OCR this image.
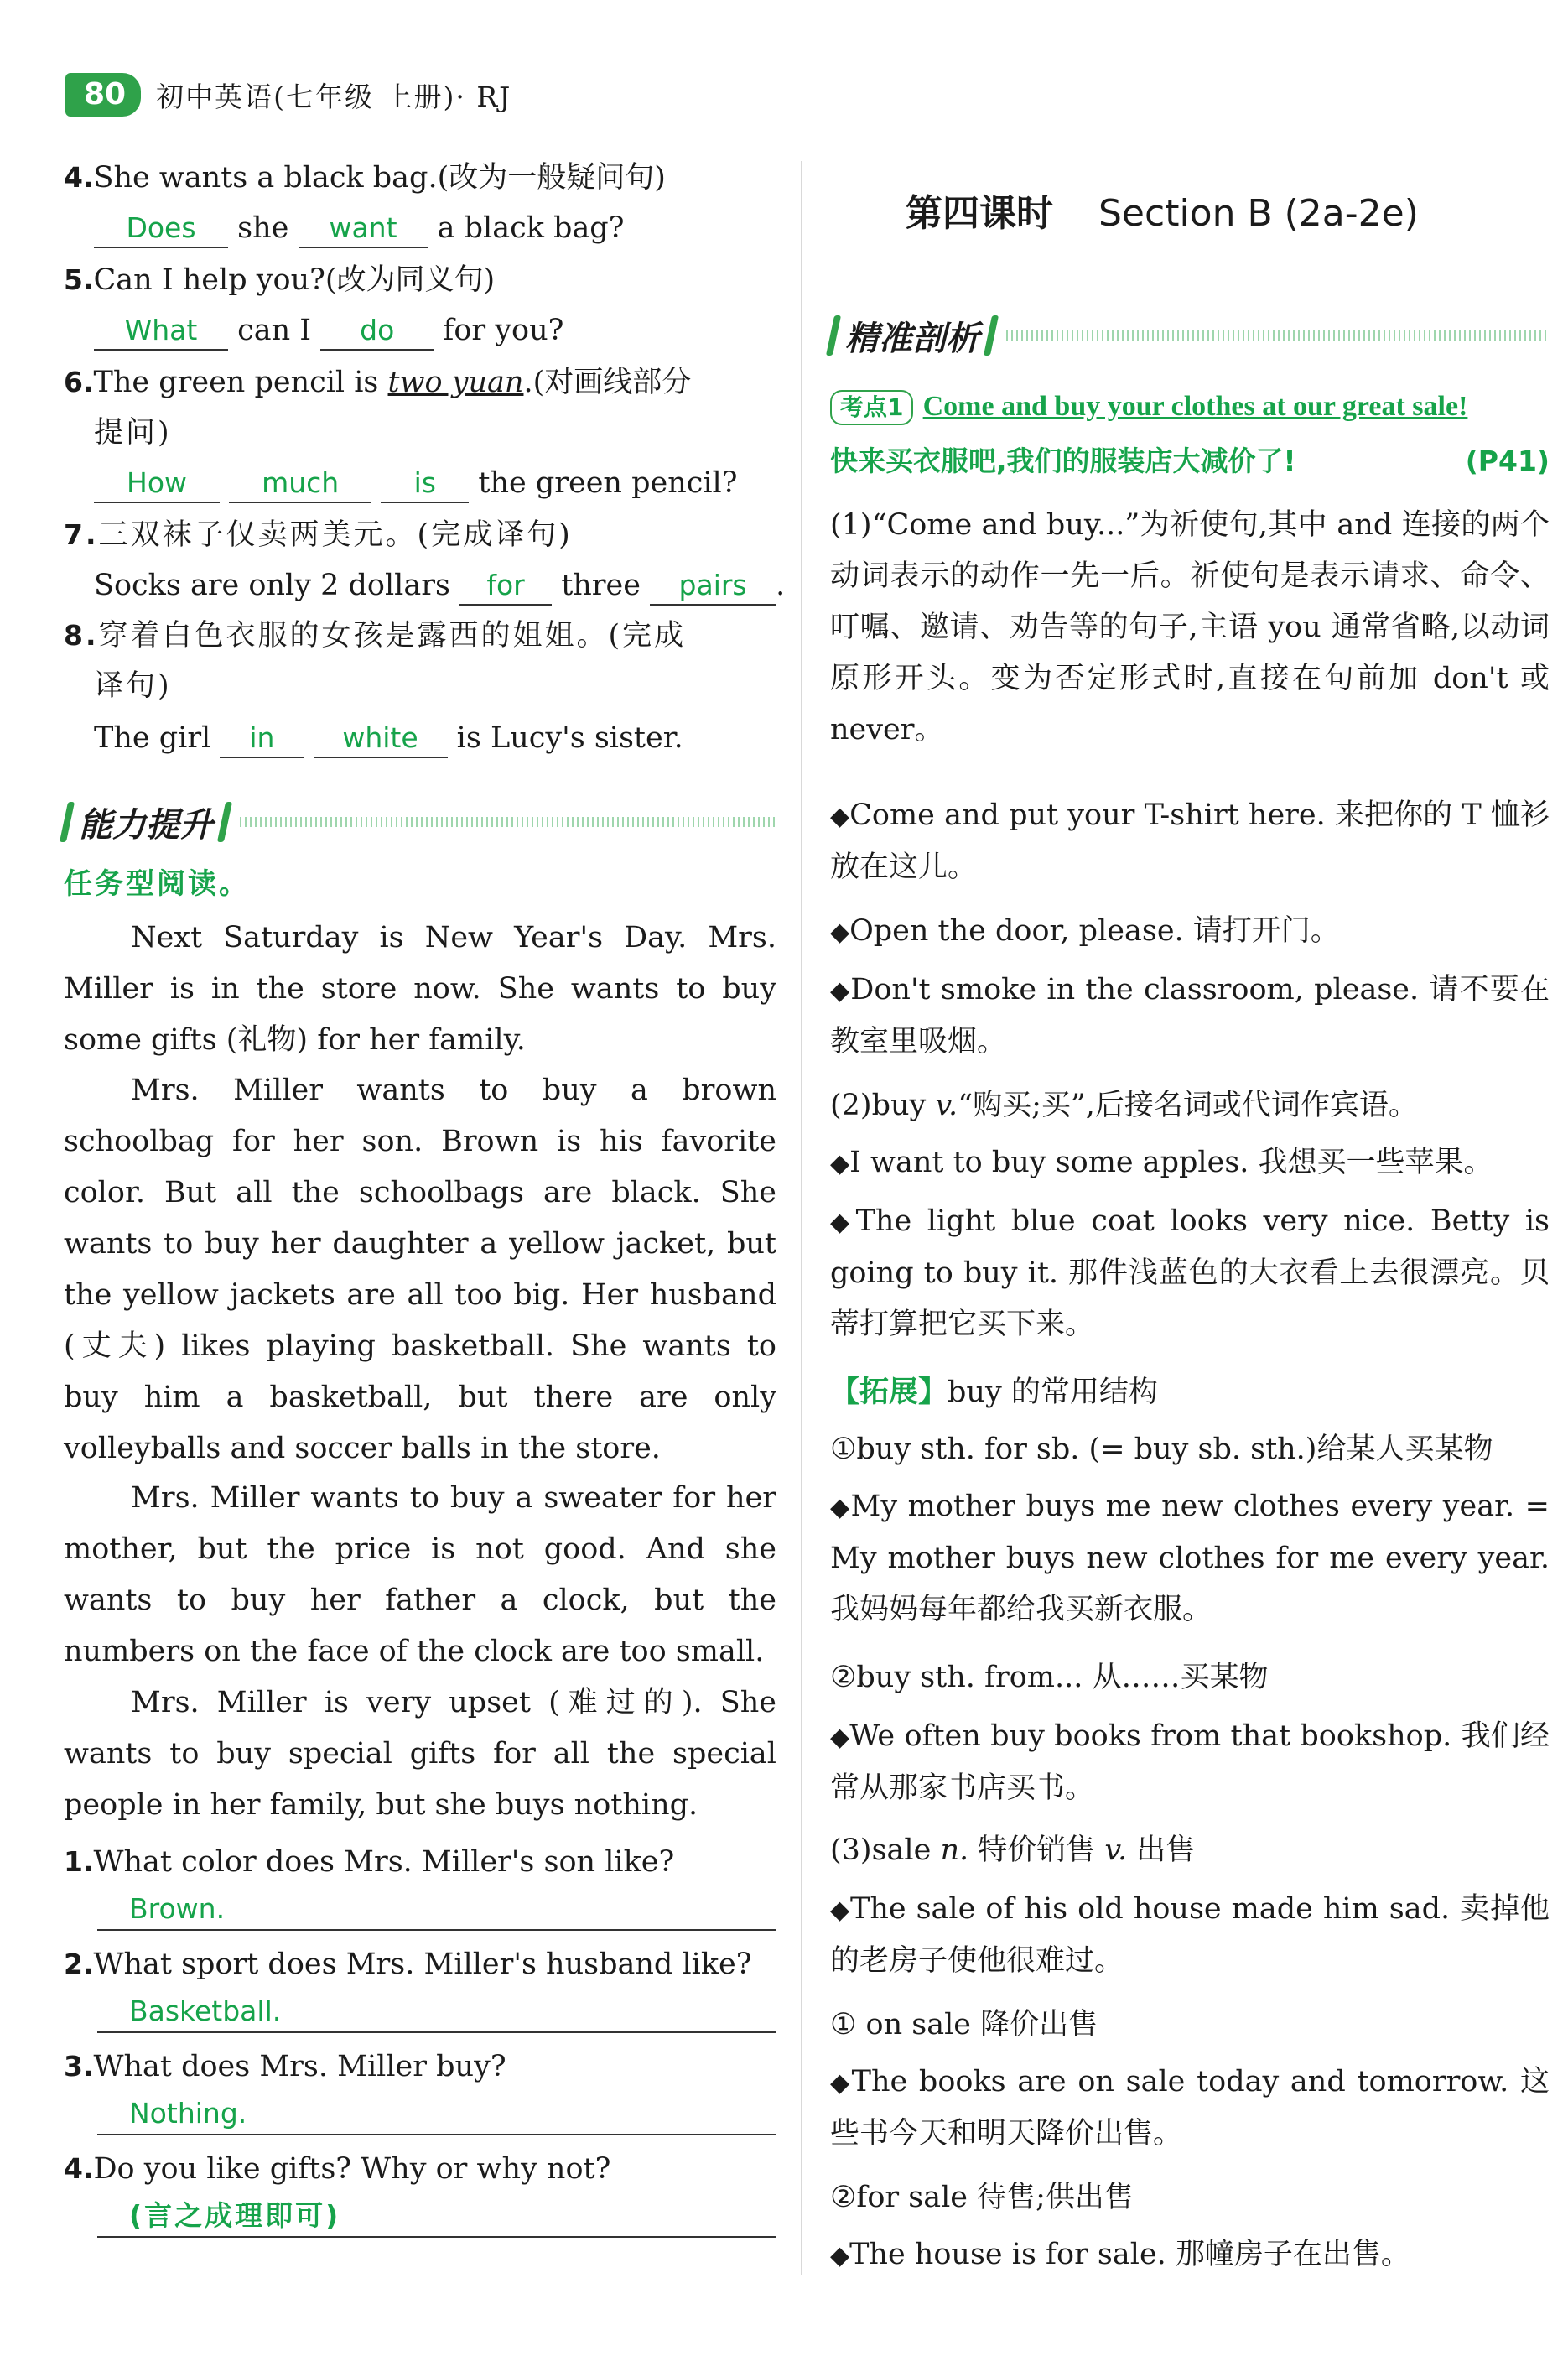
80	初中英语(七年级 上册)· RJ
4.She wants a black bag.(改为一般疑问句)
Does she want a black bag?
5.Can I help you?(改为同义句)
What can I do for you?
6.The green pencil is two yuan.(对画线部分
提问)
How	much	is the green pencil?
7.三双袜子仅卖两美元。(完成译句)
Socks are only 2 dollars for three pairs .
8.穿着白色衣服的女孩是露西的姐姐。(完成
译句)
The girl in white is Lucy's sister.
能力提升
任务型阅读。
Next Saturday is New Year's Day. Mrs. Miller is in the store now. She wants to buy some gifts (礼物) for her family.
Mrs. Miller wants to buy a brown schoolbag for her son. Brown is his favorite color. But all the schoolbags are black. She wants to buy her daughter a yellow jacket, but the yellow jackets are all too big. Her husband (丈夫) likes playing basketball. She wants to buy him a basketball, but there are only volleyballs and soccer balls in the store.
Mrs. Miller wants to buy a sweater for her mother, but the price is not good. And she wants to buy her father a clock, but the numbers on the face of the clock are too small.
Mrs. Miller is very upset (难过的). She wants to buy special gifts for all the special people in her family, but she buys nothing.
1.What color does Mrs. Miller's son like?
Brown.
2.What sport does Mrs. Miller's husband like?
Basketball.
3.What does Mrs. Miller buy?
Nothing.
4.Do you like gifts? Why or why not?
(言之成理即可)
第四课时 Section B (2a-2e)
精准剖析
考点1 Come and buy your clothes at our great sale!
快来买衣服吧,我们的服装店大减价了!	(P41)
(1)“Come and buy...”为祈使句,其中 and 连接的两个动词表示的动作一先一后。祈使句是表示请求、命令、叮嘱、邀请、劝告等的句子,主语 you 通常省略,以动词原形开头。变为否定形式时,直接在句前加 don't 或 never。
◆Come and put your T-shirt here. 来把你的 T 恤衫放在这儿。
◆Open the door, please. 请打开门。
◆Don't smoke in the classroom, please. 请不要在教室里吸烟。
(2)buy v.“购买;买”,后接名词或代词作宾语。
◆I want to buy some apples. 我想买一些苹果。
◆The light blue coat looks very nice. Betty is going to buy it. 那件浅蓝色的大衣看上去很漂亮。贝蒂打算把它买下来。
【拓展】buy 的常用结构
①buy sth. for sb. (= buy sb. sth.)给某人买某物
◆My mother buys me new clothes every year. = My mother buys new clothes for me every year. 我妈妈每年都给我买新衣服。
②buy sth. from... 从……买某物
◆We often buy books from that bookshop. 我们经常从那家书店买书。
(3)sale n. 特价销售 v. 出售
◆The sale of his old house made him sad. 卖掉他的老房子使他很难过。
① on sale 降价出售
◆The books are on sale today and tomorrow. 这些书今天和明天降价出售。
②for sale 待售;供出售
◆The house is for sale. 那幢房子在出售。
